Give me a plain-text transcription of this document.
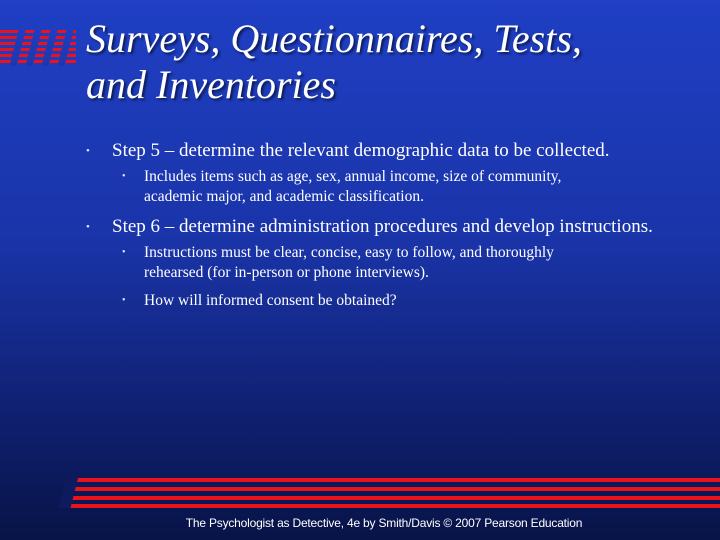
Surveys, Questionnaires, Tests,
and Inventories
• Step 5 – determine the relevant demographic data to be collected.
• Includes items such as age, sex, annual income, size of community,
academic major, and academic classification.
• Step 6 – determine administration procedures and develop instructions.
• Instructions must be clear, concise, easy to follow, and thoroughly
rehearsed (for in-person or phone interviews).
• How will informed consent be obtained?
The Psychologist as Detective, 4e by Smith/Davis © 2007 Pearson Education
